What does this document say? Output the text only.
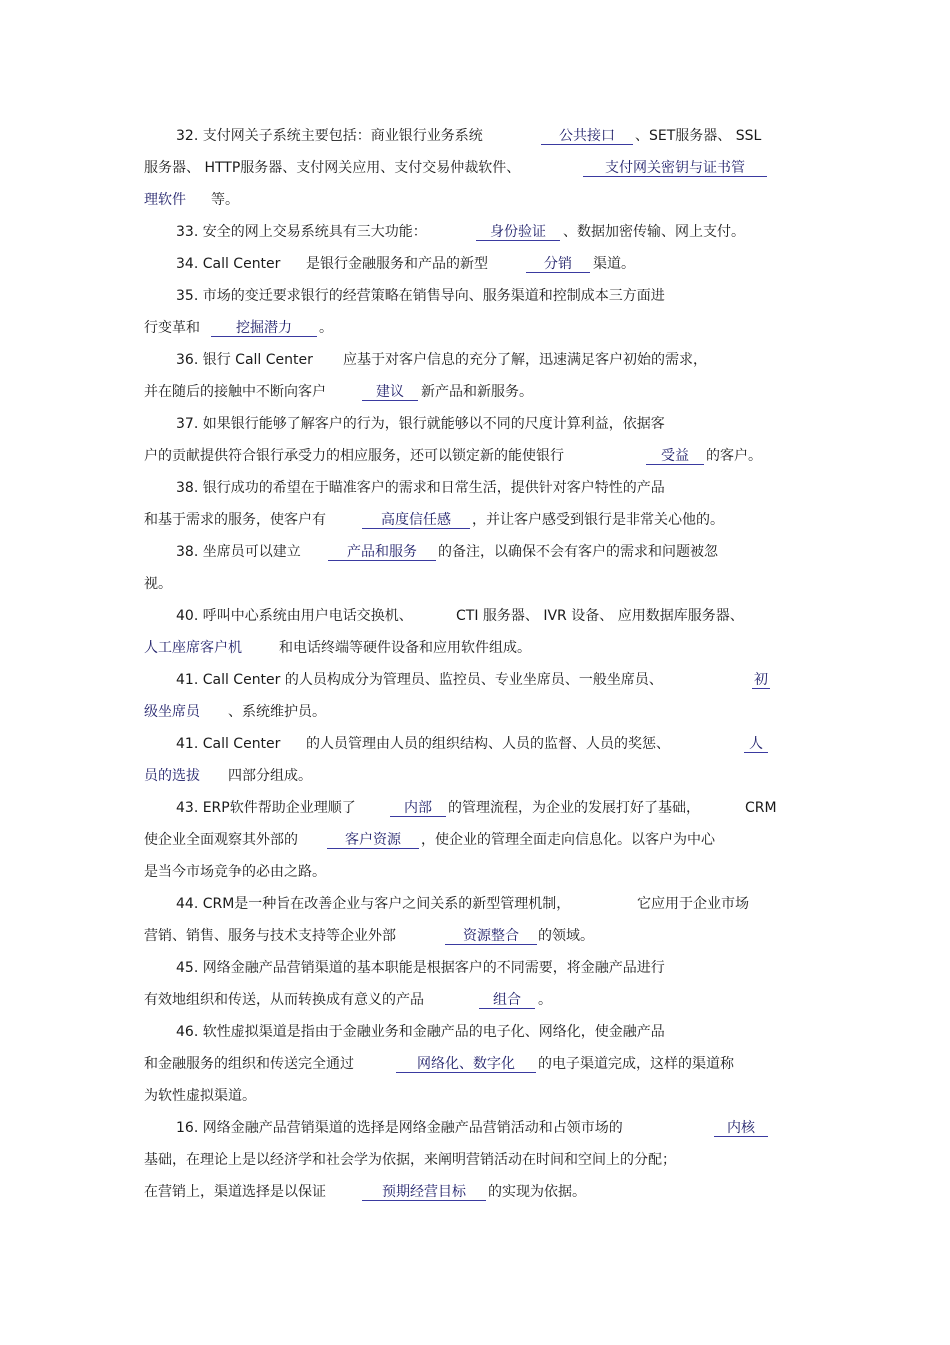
32. 支付网关子系统主要包括：商业银行业务系统	公共接口	、SET服务器、 SSL
服务器、 HTTP服务器、支付网关应用、支付交易仲裁软件、	支付网关密钥与证书管
理软件 等。
33. 安全的网上交易系统具有三大功能：	身份验证	、数据加密传输、网上支付。
34. Call Center 是银行金融服务和产品的新型	分销	渠道。
35. 市场的变迁要求银行的经营策略在销售导向、服务渠道和控制成本三方面进
行变革和	挖掘潜力	。
36. 银行 Call Center 应基于对客户信息的充分了解，迅速满足客户初始的需求，
并在随后的接触中不断向客户	建议	新产品和新服务。
37. 如果银行能够了解客户的行为，银行就能够以不同的尺度计算利益，依据客
户的贡献提供符合银行承受力的相应服务，还可以锁定新的能使银行	受益	的客户。
38. 银行成功的希望在于瞄准客户的需求和日常生活，提供针对客户特性的产品
和基于需求的服务，使客户有	高度信任感	，并让客户感受到银行是非常关心他的。
38. 坐席员可以建立	产品和服务	的备注，以确保不会有客户的需求和问题被忽
视。
40. 呼叫中心系统由用户电话交换机、	CTI 服务器、 IVR 设备、 应用数据库服务器、
人工座席客户机	和电话终端等硬件设备和应用软件组成。
41. Call Center 的人员构成分为管理员、监控员、专业坐席员、一般坐席员、	初
级坐席员 、系统维护员。
41. Call Center 的人员管理由人员的组织结构、人员的监督、人员的奖惩、	人
员的选拔 四部分组成。
43. ERP软件帮助企业理顺了	内部	的管理流程，为企业的发展打好了基础，	CRM
使企业全面观察其外部的	客户资源	，使企业的管理全面走向信息化。以客户为中心
是当今市场竞争的必由之路。
44. CRM是一种旨在改善企业与客户之间关系的新型管理机制，	它应用于企业市场
营销、销售、服务与技术支持等企业外部	资源整合	的领域。
45. 网络金融产品营销渠道的基本职能是根据客户的不同需要，将金融产品进行
有效地组织和传送，从而转换成有意义的产品	组合	。
46. 软性虚拟渠道是指由于金融业务和金融产品的电子化、网络化，使金融产品
和金融服务的组织和传送完全通过	网络化、数字化	的电子渠道完成，这样的渠道称
为软性虚拟渠道。
16. 网络金融产品营销渠道的选择是网络金融产品营销活动和占领市场的	内核
基础，在理论上是以经济学和社会学为依据，来阐明营销活动在时间和空间上的分配；
在营销上，渠道选择是以保证	预期经营目标	的实现为依据。
